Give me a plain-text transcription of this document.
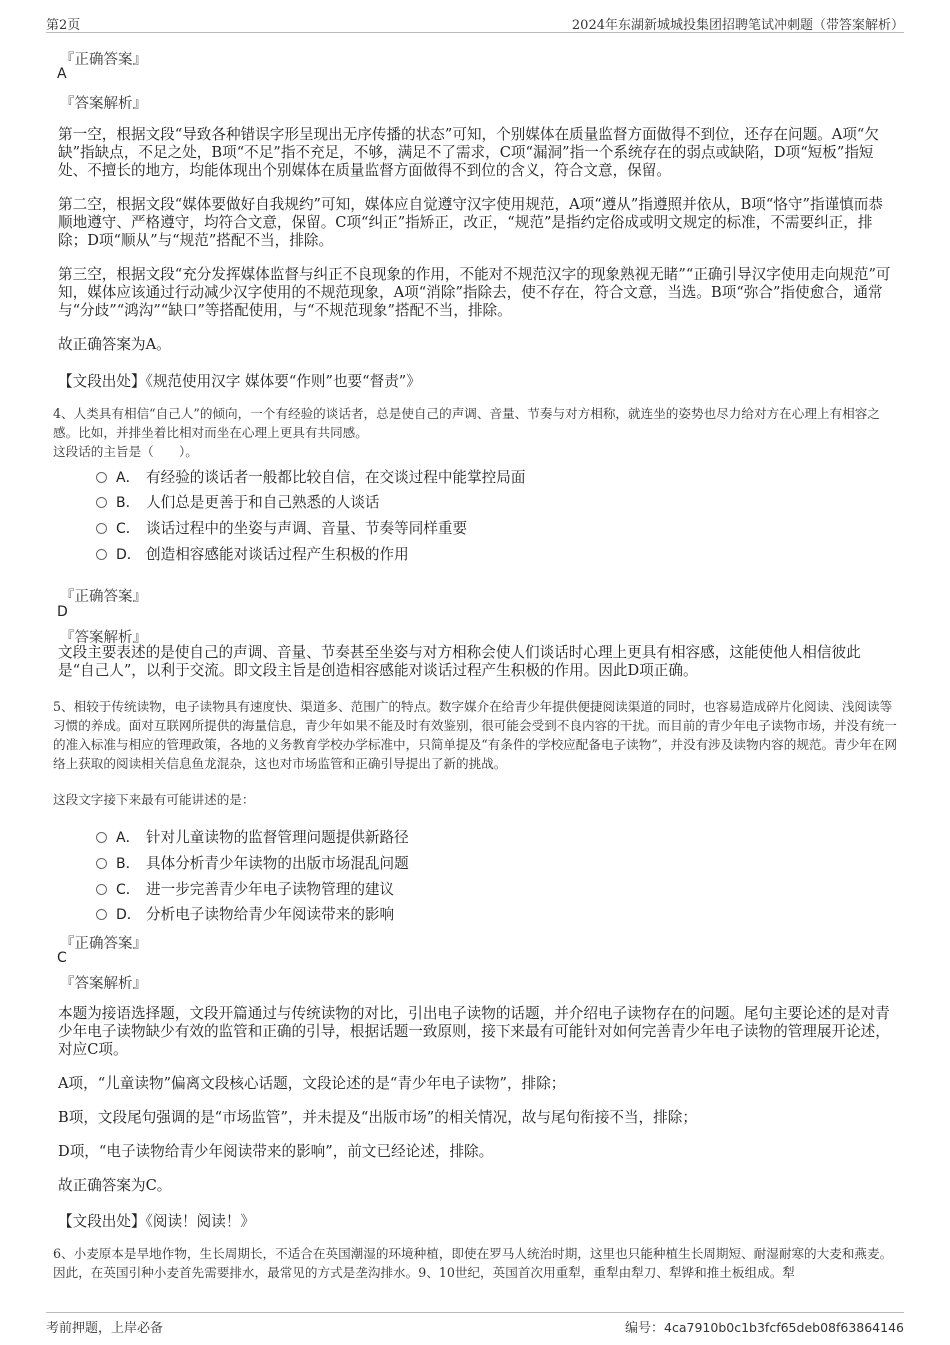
第2页	2024年东湖新城城投集团招聘笔试冲刺题（带答案解析）
『正确答案』
A
『答案解析』

第一空，根据文段“导致各种错误字形呈现出无序传播的状态”可知，个别媒体在质量监督方面做得不到位，还存在问题。A项“欠缺”指缺点，不足之处，B项“不足”指不充足，不够，满足不了需求，C项“漏洞”指一个系统存在的弱点或缺陷，D项“短板”指短处、不擅长的地方，均能体现出个别媒体在质量监督方面做得不到位的含义，符合文意，保留。

第二空，根据文段“媒体要做好自我规约”可知，媒体应自觉遵守汉字使用规范，A项“遵从”指遵照并依从，B项“恪守”指谨慎而恭顺地遵守、严格遵守，均符合文意，保留。C项“纠正”指矫正，改正，“规范”是指约定俗成或明文规定的标准，不需要纠正，排除；D项“顺从”与“规范”搭配不当，排除。

第三空，根据文段“充分发挥媒体监督与纠正不良现象的作用，不能对不规范汉字的现象熟视无睹”“正确引导汉字使用走向规范”可知，媒体应该通过行动减少汉字使用的不规范现象，A项“消除”指除去，使不存在，符合文意，当选。B项“弥合”指使愈合，通常与“分歧”“鸿沟”“缺口”等搭配使用，与“不规范现象”搭配不当，排除。

故正确答案为A。

【文段出处】《规范使用汉字 媒体要“作则”也要“督责”》

4、人类具有相信“自己人”的倾向，一个有经验的谈话者，总是使自己的声调、音量、节奏与对方相称，就连坐的姿势也尽力给对方在心理上有相容之感。比如，并排坐着比相对而坐在心理上更具有共同感。

这段话的主旨是（　　）。

A． 有经验的谈话者一般都比较自信，在交谈过程中能掌控局面
B． 人们总是更善于和自己熟悉的人谈话
C． 谈话过程中的坐姿与声调、音量、节奏等同样重要
D． 创造相容感能对谈话过程产生积极的作用
『正确答案』
D
『答案解析』

文段主要表述的是使自己的声调、音量、节奏甚至坐姿与对方相称会使人们谈话时心理上更具有相容感，这能使他人相信彼此是“自己人”，以利于交流。即文段主旨是创造相容感能对谈话过程产生积极的作用。因此D项正确。

5、相较于传统读物，电子读物具有速度快、渠道多、范围广的特点。数字媒介在给青少年提供便捷阅读渠道的同时，也容易造成碎片化阅读、浅阅读等习惯的养成。面对互联网所提供的海量信息，青少年如果不能及时有效鉴别，很可能会受到不良内容的干扰。而目前的青少年电子读物市场，并没有统一的准入标准与相应的管理政策，各地的义务教育学校办学标准中，只简单提及“有条件的学校应配备电子读物”，并没有涉及读物内容的规范。青少年在网络上获取的阅读相关信息鱼龙混杂，这也对市场监管和正确引导提出了新的挑战。

这段文字接下来最有可能讲述的是：

A． 针对儿童读物的监督管理问题提供新路径
B． 具体分析青少年读物的出版市场混乱问题
C． 进一步完善青少年电子读物管理的建议
D． 分析电子读物给青少年阅读带来的影响
『正确答案』
C
『答案解析』

本题为接语选择题，文段开篇通过与传统读物的对比，引出电子读物的话题，并介绍电子读物存在的问题。尾句主要论述的是对青少年电子读物缺少有效的监管和正确的引导，根据话题一致原则，接下来最有可能针对如何完善青少年电子读物的管理展开论述，对应C项。

A项，“儿童读物”偏离文段核心话题，文段论述的是“青少年电子读物”，排除；

B项，文段尾句强调的是“市场监管”，并未提及“出版市场”的相关情况，故与尾句衔接不当，排除；

D项，“电子读物给青少年阅读带来的影响”，前文已经论述，排除。

故正确答案为C。

【文段出处】《阅读！阅读！》

6、小麦原本是旱地作物，生长周期长，不适合在英国潮湿的环境种植，即使在罗马人统治时期，这里也只能种植生长周期短、耐湿耐寒的大麦和燕麦。因此，在英国引种小麦首先需要排水，最常见的方式是垄沟排水。9、10世纪，英国首次用重犁，重犁由犁刀、犁铧和推土板组成。犁

考前押题，上岸必备	编号：4ca7910b0c1b3fcf65deb08f63864146
